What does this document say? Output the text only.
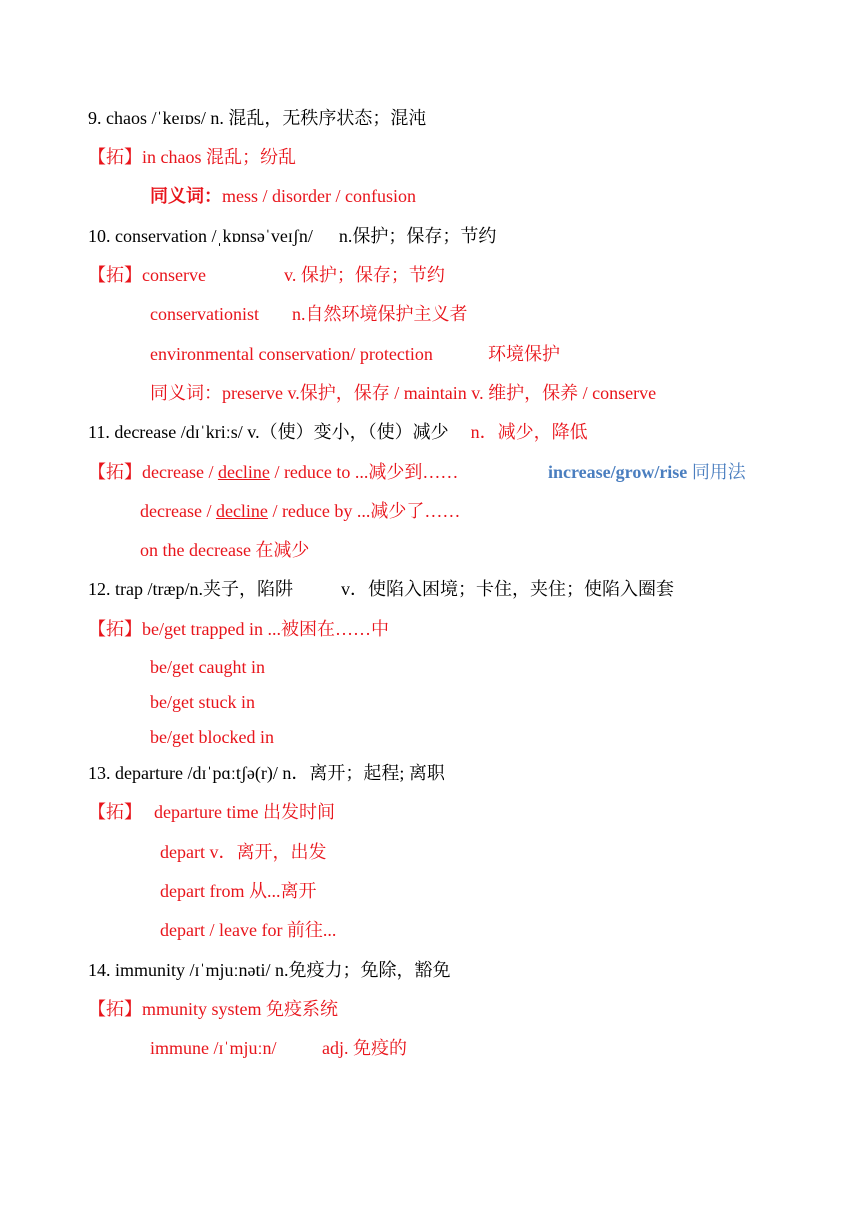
9. chaos /ˈkeɪɒs/ n. 混乱，无秩序状态；混沌
【拓】in chaos 混乱；纷乱
同义词：mess / disorder / confusion
10. conservation /ˌkɒnsəˈveɪʃn/ n.保护；保存；节约
【拓】conserve	v. 保护；保存；节约
conservationist n.自然环境保护主义者
environmental conservation/ protection	环境保护
同义词：preserve v.保护，保存 / maintain v. 维护，保养 / conserve
11. decrease /dɪˈkriːs/ v.（使）变小，（使）减少 n．减少，降低
【拓】decrease / decline / reduce to ...减少到……	increase/grow/rise 同用法
decrease / decline / reduce by ...减少了……
on the decrease 在减少
12. trap /træp/n.夹子，陷阱	v．使陷入困境；卡住，夹住；使陷入圈套
【拓】be/get trapped in ...被困在……中
be/get caught in
be/get stuck in
be/get blocked in
13. departure /dɪˈpɑːtʃə(r)/ n．离开；起程; 离职
【拓】 departure time 出发时间
depart v．离开，出发
depart from 从...离开
depart / leave for 前往...
14. immunity /ɪˈmjuːnəti/ n.免疫力；免除，豁免
【拓】mmunity system 免疫系统
immune /ɪˈmjuːn/	adj. 免疫的
